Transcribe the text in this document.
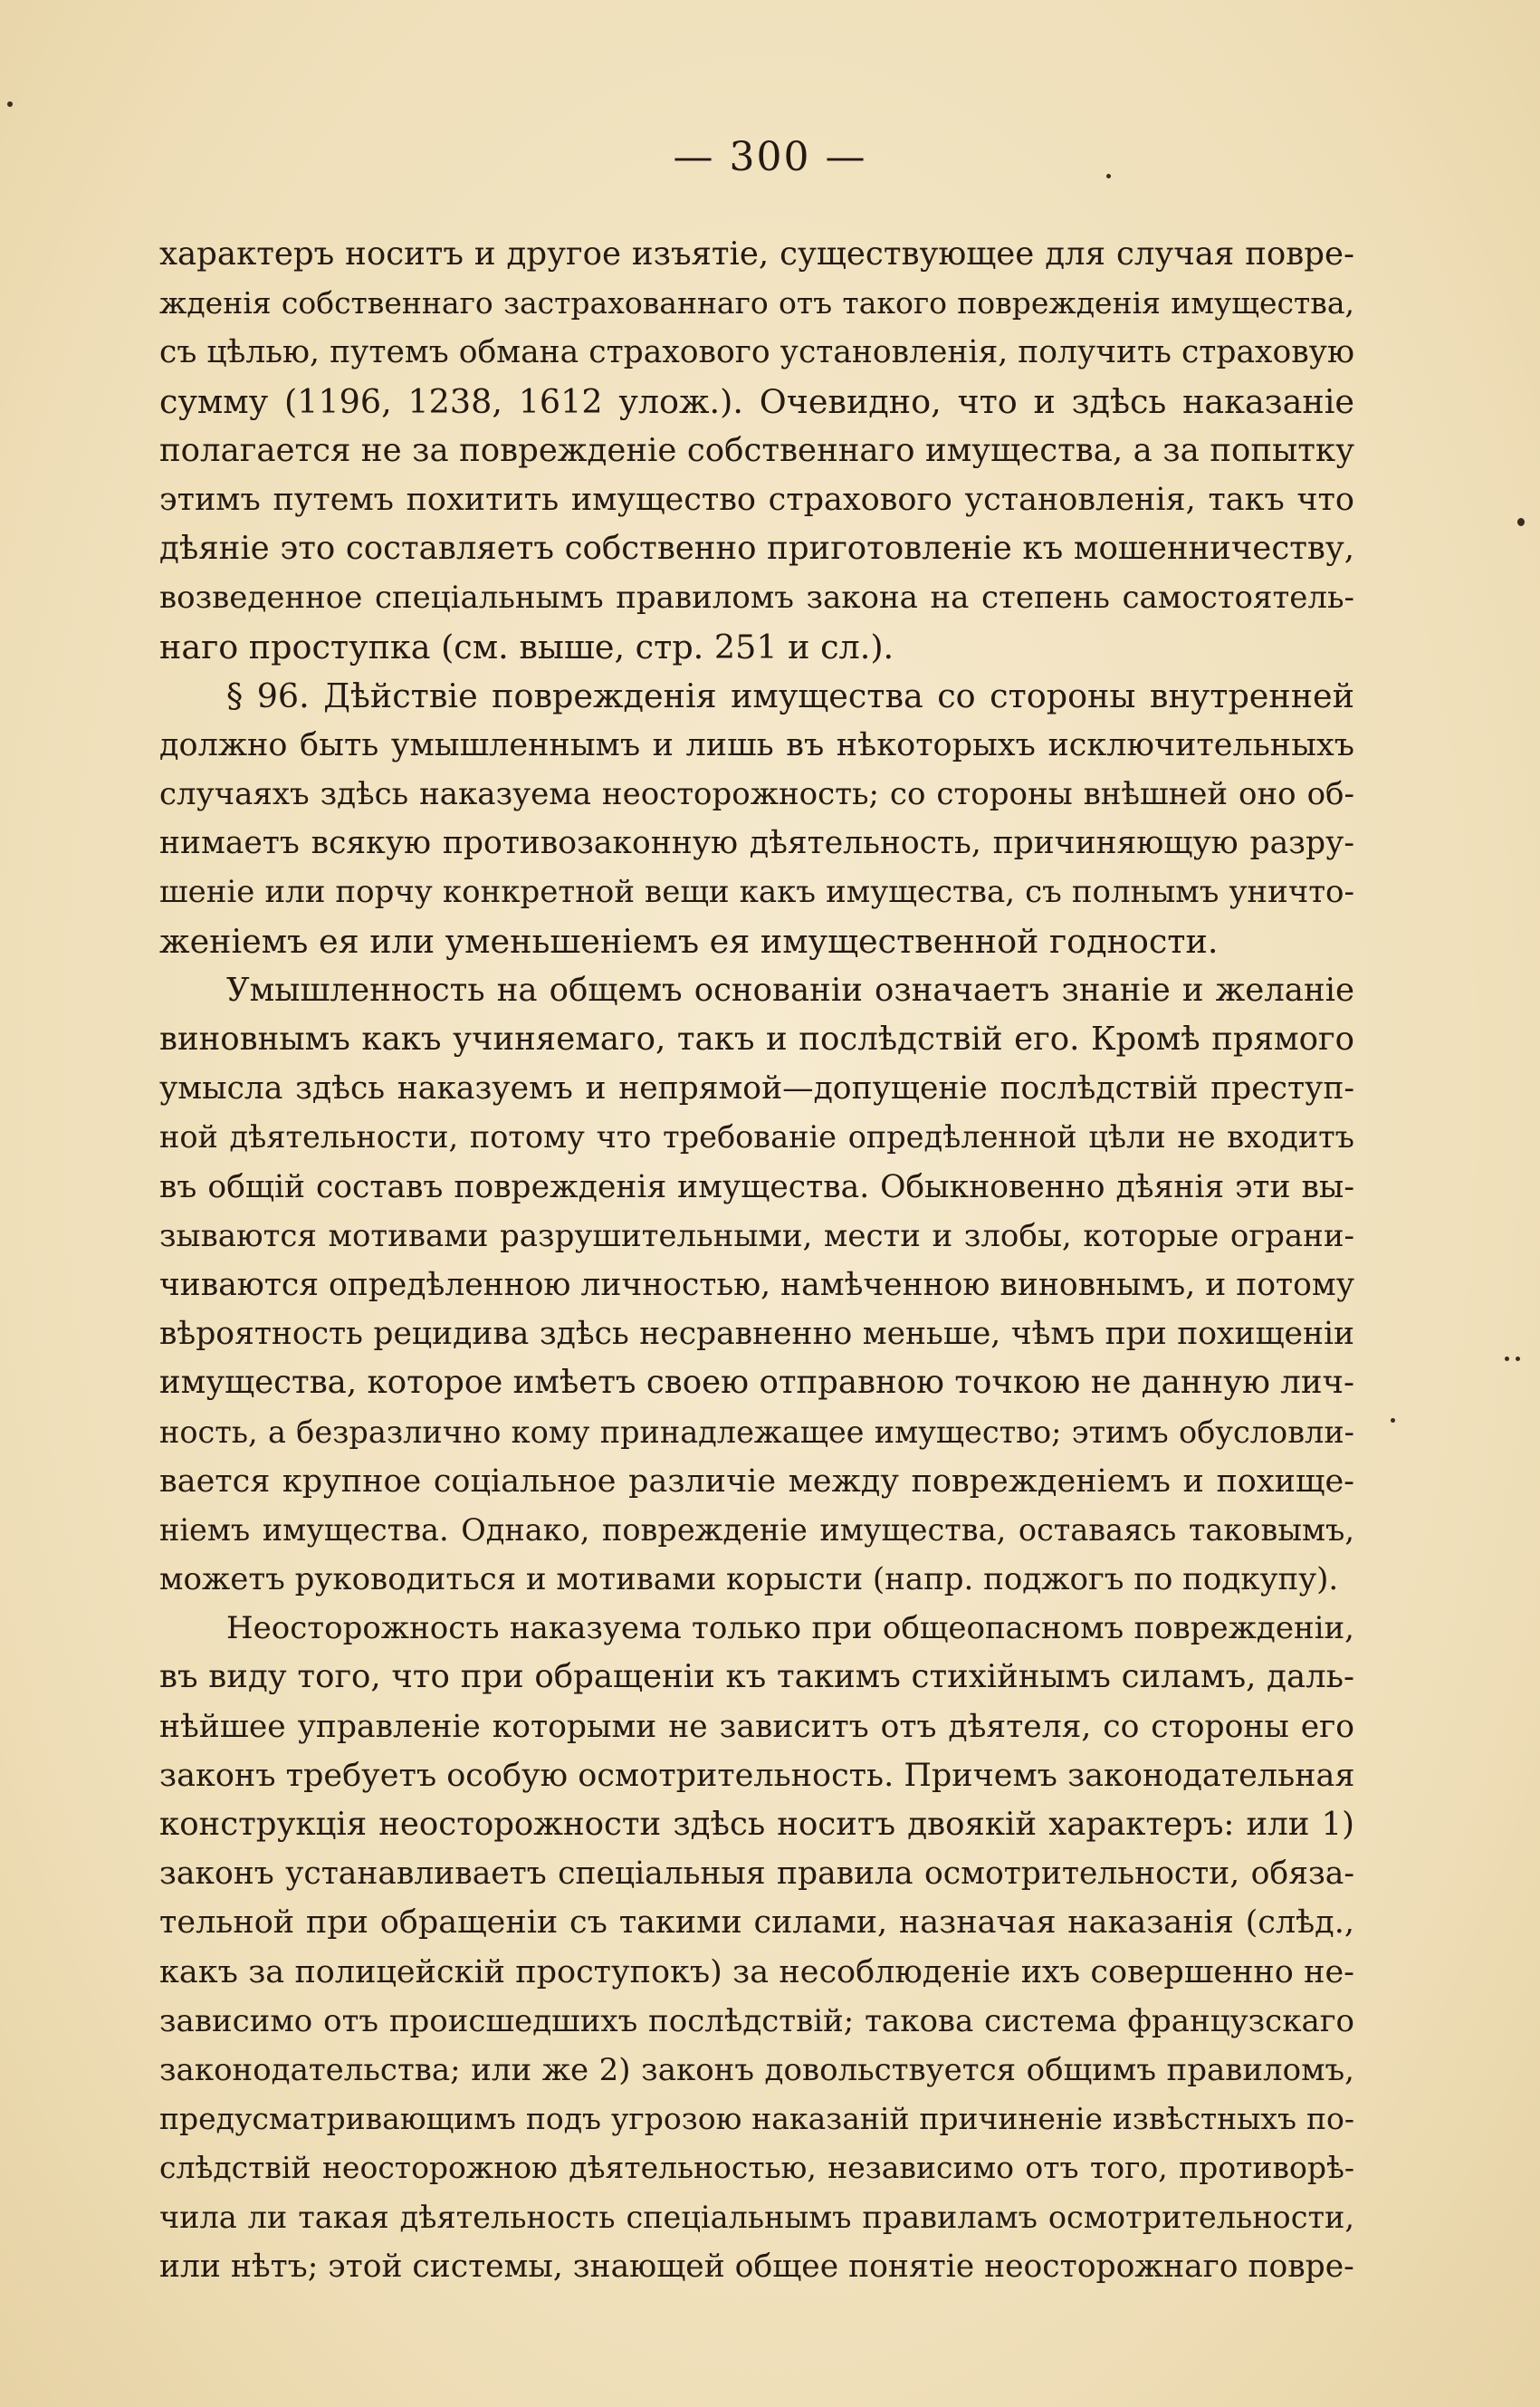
— 300 —
характеръ носитъ и другое изъятіе, существующее для случая повре-
жденія собственнаго застрахованнаго отъ такого поврежденія имущества,
съ цѣлью, путемъ обмана страхового установленія, получить страховую
сумму (1196, 1238, 1612 улож.). Очевидно, что и здѣсь наказаніе
полагается не за поврежденіе собственнаго имущества, а за попытку
этимъ путемъ похитить имущество страхового установленія, такъ что
дѣяніе это составляетъ собственно приготовленіе къ мошенничеству,
возведенное спеціальнымъ правиломъ закона на степень самостоятель-
наго проступка (см. выше, стр. 251 и сл.).
§ 96. Дѣйствіе поврежденія имущества со стороны внутренней
должно быть умышленнымъ и лишь въ нѣкоторыхъ исключительныхъ
случаяхъ здѣсь наказуема неосторожность; со стороны внѣшней оно об-
нимаетъ всякую противозаконную дѣятельность, причиняющую разру-
шеніе или порчу конкретной вещи какъ имущества, съ полнымъ уничто-
женіемъ ея или уменьшеніемъ ея имущественной годности.
Умышленность на общемъ основаніи означаетъ знаніе и желаніе
виновнымъ какъ учиняемаго, такъ и послѣдствій его. Кромѣ прямого
умысла здѣсь наказуемъ и непрямой—допущеніе послѣдствій преступ-
ной дѣятельности, потому что требованіе опредѣленной цѣли не входитъ
въ общій составъ поврежденія имущества. Обыкновенно дѣянія эти вы-
зываются мотивами разрушительными, мести и злобы, которые ограни-
чиваются опредѣленною личностью, намѣченною виновнымъ, и потому
вѣроятность рецидива здѣсь несравненно меньше, чѣмъ при похищеніи
имущества, которое имѣетъ своею отправною точкою не данную лич-
ность, а безразлично кому принадлежащее имущество; этимъ обусловли-
вается крупное соціальное различіе между поврежденіемъ и похище-
ніемъ имущества. Однако, поврежденіе имущества, оставаясь таковымъ,
можетъ руководиться и мотивами корысти (напр. поджогъ по подкупу).
Неосторожность наказуема только при общеопасномъ поврежденіи,
въ виду того, что при обращеніи къ такимъ стихійнымъ силамъ, даль-
нѣйшее управленіе которыми не зависитъ отъ дѣятеля, со стороны его
законъ требуетъ особую осмотрительность. Причемъ законодательная
конструкція неосторожности здѣсь носитъ двоякій характеръ: или 1)
законъ устанавливаетъ спеціальныя правила осмотрительности, обяза-
тельной при обращеніи съ такими силами, назначая наказанія (слѣд.,
какъ за полицейскій проступокъ) за несоблюденіе ихъ совершенно не-
зависимо отъ происшедшихъ послѣдствій; такова система французскаго
законодательства; или же 2) законъ довольствуется общимъ правиломъ,
предусматривающимъ подъ угрозою наказаній причиненіе извѣстныхъ по-
слѣдствій неосторожною дѣятельностью, независимо отъ того, противорѣ-
чила ли такая дѣятельность спеціальнымъ правиламъ осмотрительности,
или нѣтъ; этой системы, знающей общее понятіе неосторожнаго повре-
